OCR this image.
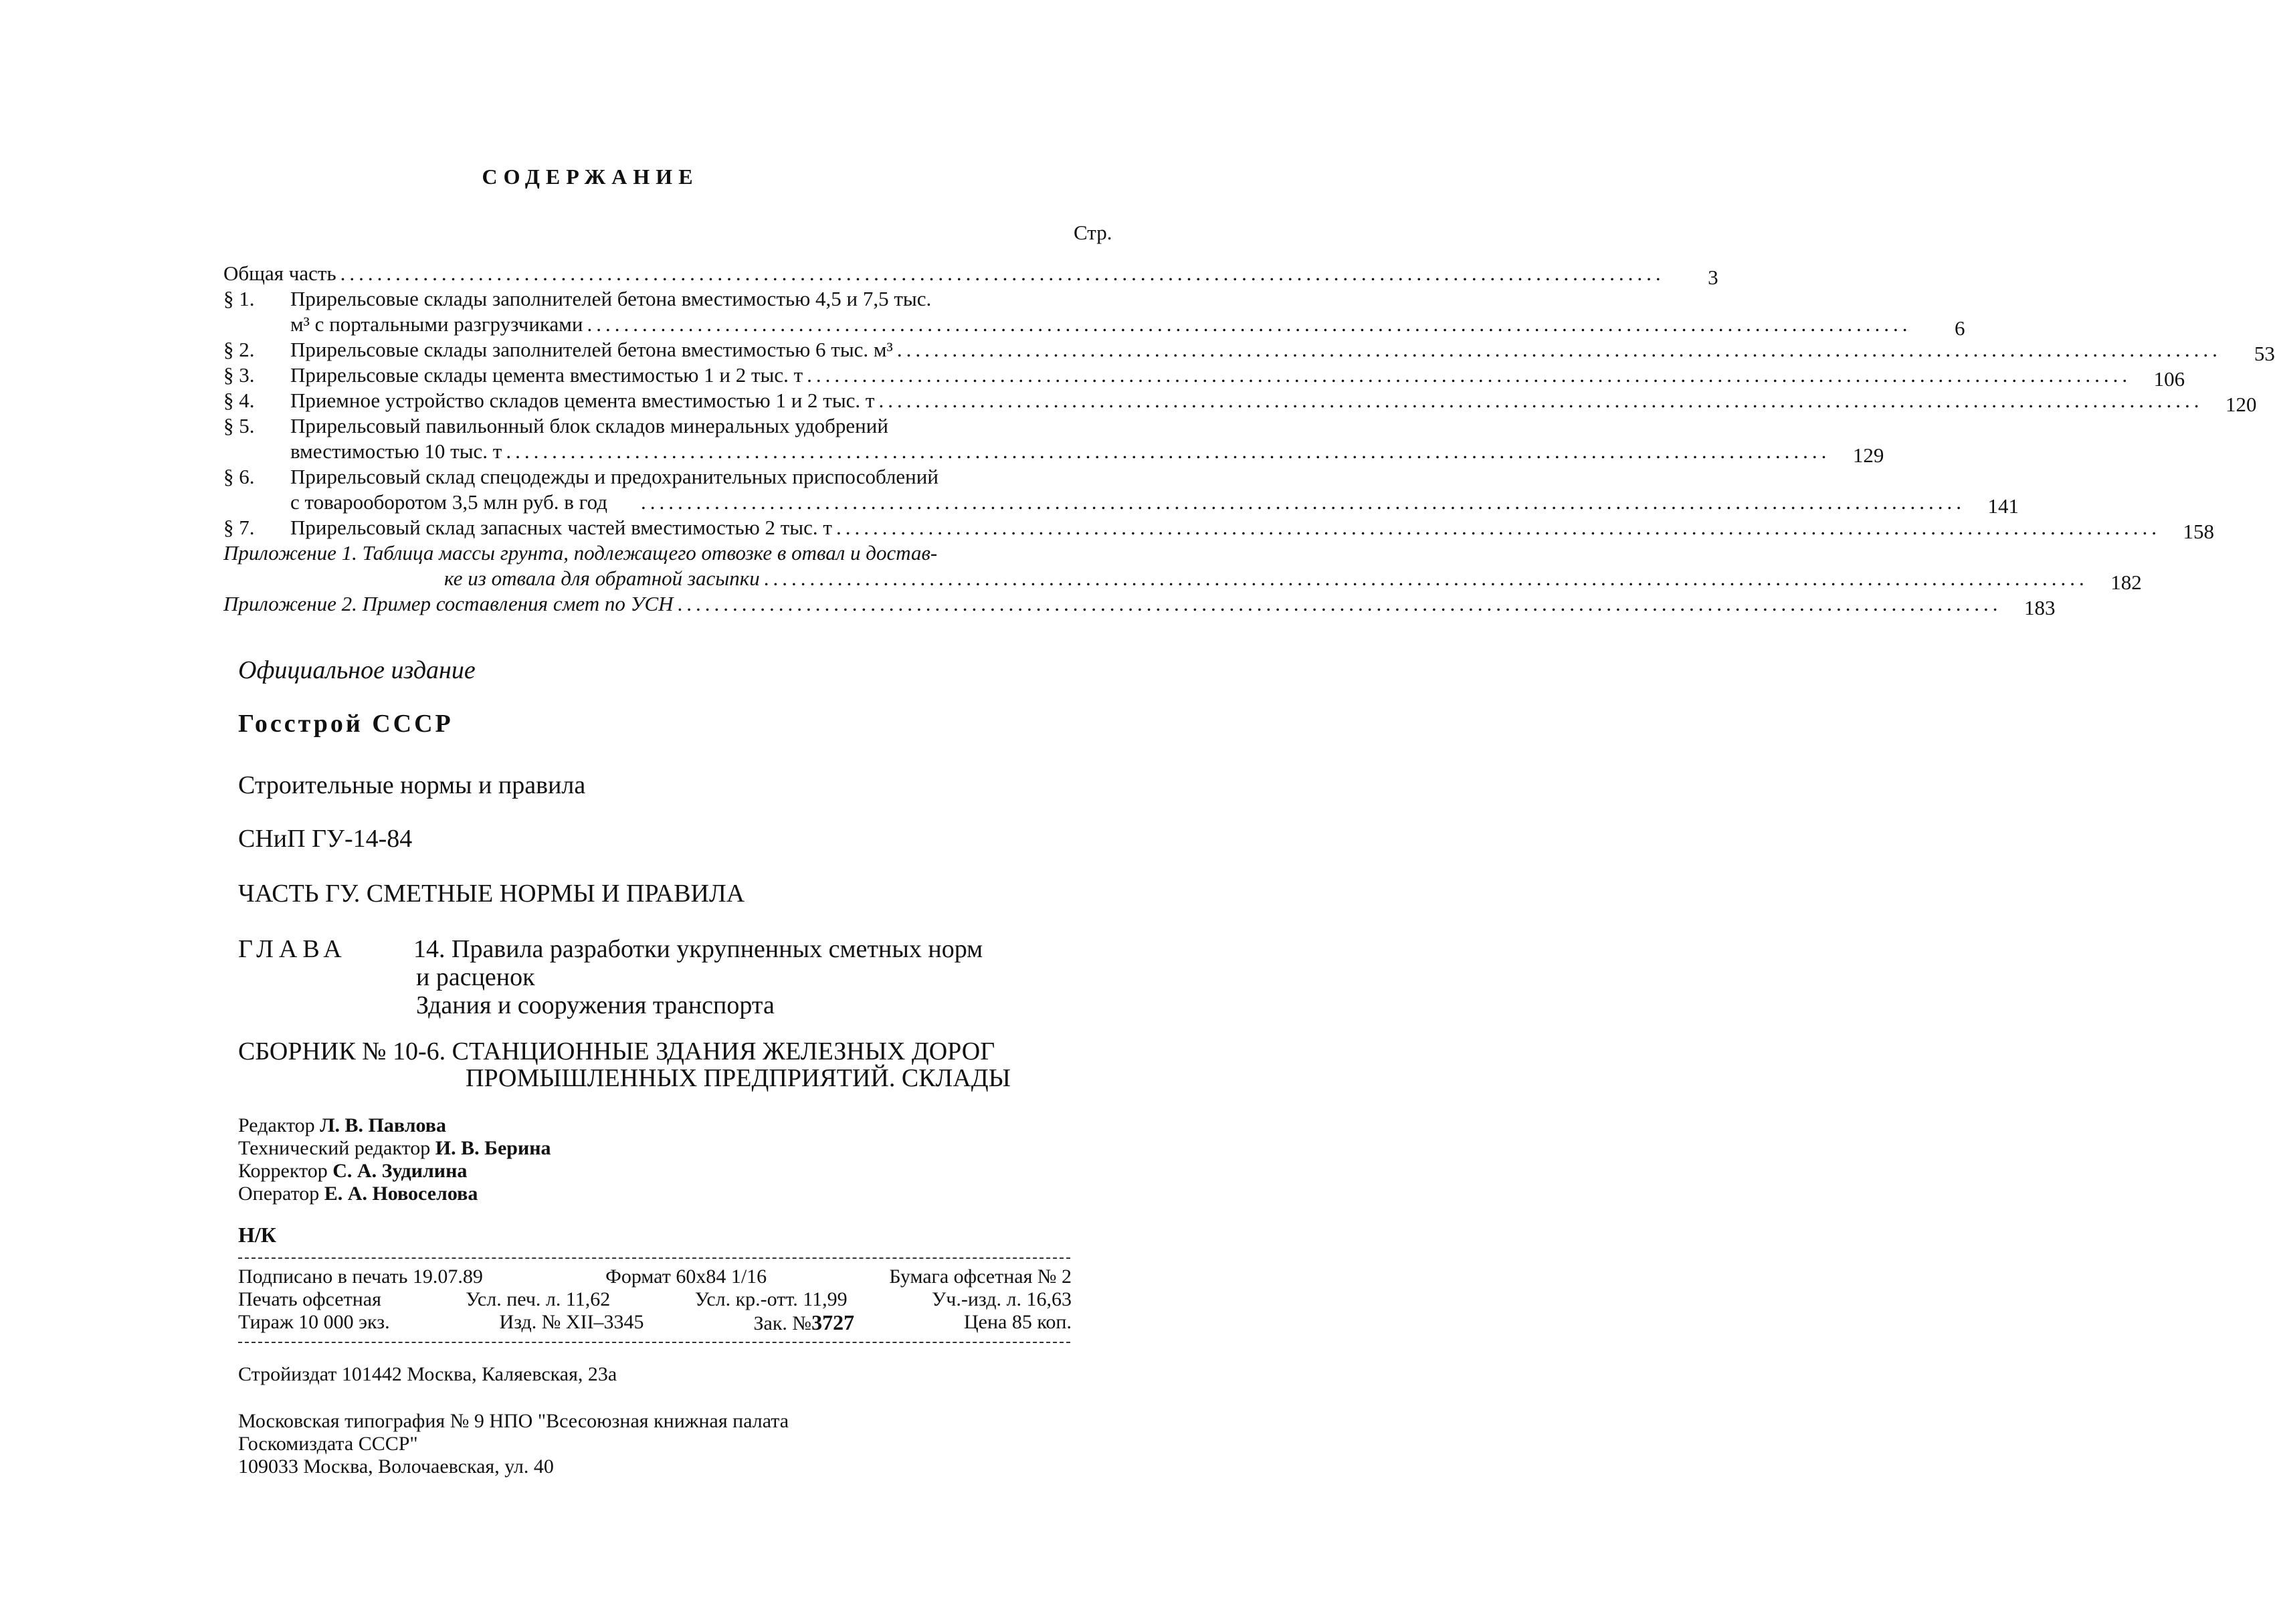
СОДЕРЖАНИЕ
Стр.
Общая часть .....	3
§ 1.	Прирельсовые склады заполнителей бетона вместимостью 4,5 и 7,5 тыс.
м³ с портальными разгрузчиками .....	6
§ 2.	Прирельсовые склады заполнителей бетона вместимостью 6 тыс. м³ .....	53
§ 3.	Прирельсовые склады цемента вместимостью 1 и 2 тыс. т .....	106
§ 4.	Приемное устройство складов цемента вместимостью 1 и 2 тыс. т .....	120
§ 5.	Прирельсовый павильонный блок складов минеральных удобрений
вместимостью 10 тыс. т .....	129
§ 6.	Прирельсовый склад спецодежды и предохранительных приспособлений
с товарооборотом 3,5 млн руб. в год .....	141
§ 7.	Прирельсовый склад запасных частей вместимостью 2 тыс. т .....	158
Приложение 1. Таблица массы грунта, подлежащего отвозке в отвал и достав-
ке из отвала для обратной засыпки .....	182
Приложение 2. Пример составления смет по УСН .....	183
Официальное издание
Госстрой СССР
Строительные нормы и правила
СНиП ГУ-14-84
ЧАСТЬ ГУ. СМЕТНЫЕ НОРМЫ И ПРАВИЛА
ГЛАВА	14. Правила разработки укрупненных сметных норм
и расценок
Здания и сооружения транспорта
СБОРНИК № 10-6. СТАНЦИОННЫЕ ЗДАНИЯ ЖЕЛЕЗНЫХ ДОРОГ
ПРОМЫШЛЕННЫХ ПРЕДПРИЯТИЙ. СКЛАДЫ
Редактор Л. В. Павлова
Технический редактор И. В. Берина
Корректор С. А. Зудилина
Оператор Е. А. Новоселова
Н/К
Подписано в печать 19.07.89	Формат 60х84 1/16	Бумага офсетная № 2
Печать офсетная	Усл. печ. л. 11,62	Усл. кр.-отт. 11,99	Уч.-изд. л. 16,63
Тираж 10 000 экз.	Изд. № XII–3345	Зак. №3727	Цена 85 коп.
Стройиздат 101442 Москва, Каляевская, 23а
Московская типография № 9 НПО "Всесоюзная книжная палата
Госкомиздата СССР"
109033 Москва, Волочаевская, ул. 40
